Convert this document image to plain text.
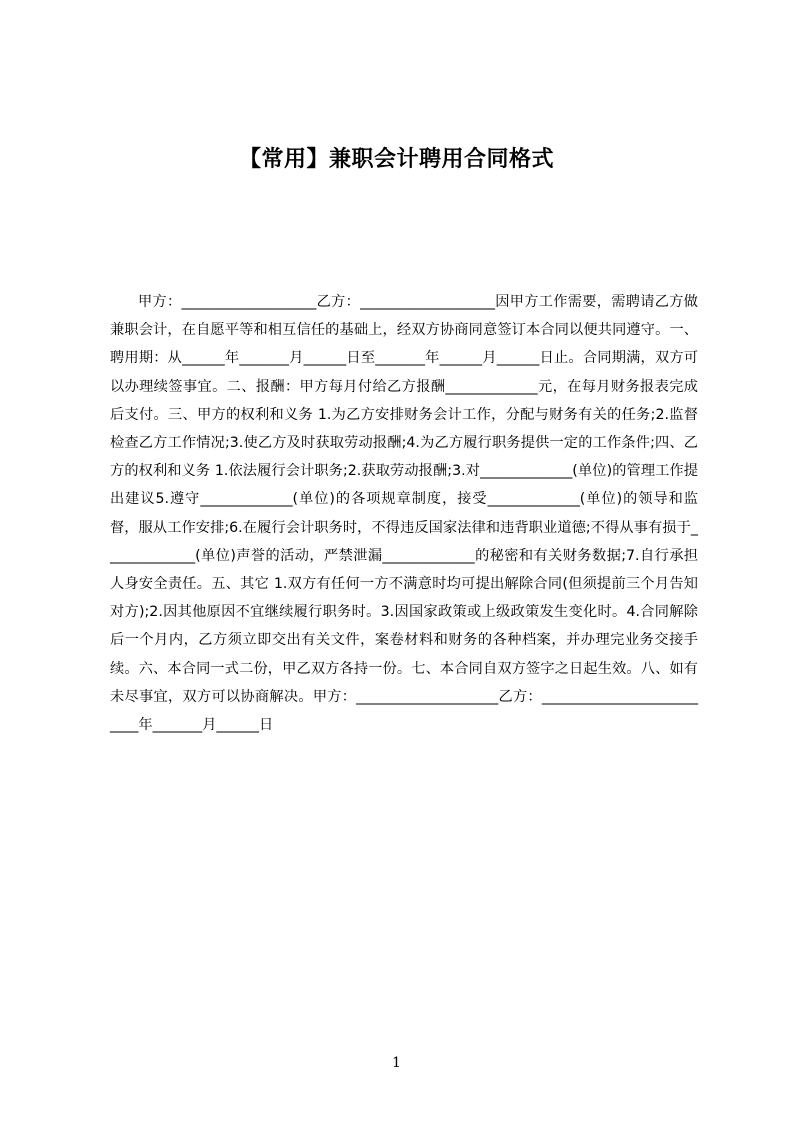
【常用】兼职会计聘用合同格式

甲方：___________________乙方：___________________因甲方工作需要，需聘请乙方做兼职会计，在自愿平等和相互信任的基础上，经双方协商同意签订本合同以便共同遵守。一、聘用期：从______年_______月______日至_______年______月______日止。合同期满，双方可以办理续签事宜。二、报酬：甲方每月付给乙方报酬_____________元，在每月财务报表完成后支付。三、甲方的权利和义务 1.为乙方安排财务会计工作，分配与财务有关的任务;2.监督检查乙方工作情况;3.使乙方及时获取劳动报酬;4.为乙方履行职务提供一定的工作条件;四、乙方的权利和义务 1.依法履行会计职务;2.获取劳动报酬;3.对_____________(单位)的管理工作提出建议5.遵守_____________(单位)的各项规章制度，接受_____________(单位)的领导和监督，服从工作安排;6.在履行会计职务时，不得违反国家法律和违背职业道德;不得从事有损于_____________(单位)声誉的活动，严禁泄漏_____________的秘密和有关财务数据;7.自行承担人身安全责任。五、其它 1.双方有任何一方不满意时均可提出解除合同(但须提前三个月告知对方);2.因其他原因不宜继续履行职务时。3.因国家政策或上级政策发生变化时。4.合同解除后一个月内，乙方须立即交出有关文件，案卷材料和财务的各种档案，并办理完业务交接手续。六、本合同一式二份，甲乙双方各持一份。七、本合同自双方签字之日起生效。八、如有未尽事宜，双方可以协商解决。甲方：____________________乙方：__________________________年_______月______日

1
